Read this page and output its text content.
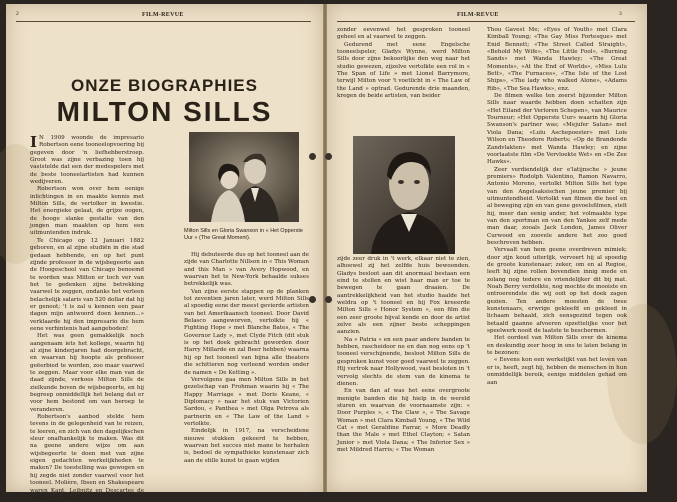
2	FILM-REVUE
ONZE BIOGRAPHIES
MILTON SILLS

I N 1909 woonde de impresario Robertson eene tooneelopvoering bij gegeven door 'n liefhebberstroep. Groot was zijne verbazing toen hij vaststelde dat een der medespelers met de beste tooneelartisten had kunnen wedijveren.

Robertson won over hem eenige inlichtingen in en maakte kennis met Milton Sills, de vertolker in kwestie. Het energieke gelaat, de grijze oogen, de hooge slanke gestalte van den jongen man maakten op hem een uitmuntenden indruk.

Te Chicago op 12 Januari 1882 geboren, en al zijne studiën in die stad gedaan hebbende, en op het punt zijnde professor in de wijsbegeerte aan de Hoogeschool van Chicago benoemd te worden was Milton er toch ver van het te gedenken zijne betrekking vaarwel te zeggen, ondanks het verleen belachelijk salaris van 520 dollar dat hij er genoot; 't is zal u kennen een paar dagen mijn antwoord doen kennen...» verklaarde hij den impresario die hem eene verbintenis had aangeboden!

Het was geen gemakkelijk noch aangenaam iets het kollege, waarin hij al zijne kinderjaren had doorgebracht, en waarvan hij hoopte als professor geëerbied te worden, zoo maar vaarwel te zeggen. Maar voor elke man van de daad zijnde, verkoos Milton Sills de zielkunde boven de wijsbegeerte, en hij begreep onmiddellijk het belang dat er voor hem bestond om van beroep te veranderen.

Robertson's aanbod stelde hem tevens in de gelegenheid van te reizen, te leeren, en zich van den dagelijkschen sleur onafhankelijk te maken. Was dit na geene andere wijze om aan wijsbegeerte te doen met van zijne eigen gedachten werkelijkheden te maken? De toestelling was gewogen en hij zegde niet zonder vaarwel voor het tooneel. Molière, Ibsen en Shakespeare waren Kant, Leibnitz en Descartes de baas geworden...

Milton Sills en Gloria Swanson in « Het Opperste Uur » (The Great Moment).

Hij debuteerde dus op het tooneel aan de zijde van Charlotte Nillson in « This Woman and this Man » van Avery Hopwood, en waarvan het te New-York behaalde sukses betrekkelijk was.

Van zijne eerste stappen op de planken tot zeventien jaren later, werd Milton Sills al spoedig eene der meest gevierde artisten van het Amerikaansch tooneel. Door David Belasco aangeworven, vertolkte hij « Fighting Hope » met Blanche Bates, « The Governor Lady », met Clyde Fitch (dit stuk is op het doek gebracht geworden door Harry Millarde en zal Beer hebben) waarna hij op het tooneel van bijna alle theaters die schitteren nog verleend worden onder de namen « De Ketting ».

Vervolgens gaa men Milton Sills in het gezelschap van Frohman waarin hij « The Happy Marriage » met Doris Keane, « Diplomacy » naar het stuk van Victorien Sardou, « Panthea » met Olga Petrova als partnerin en « The Law of the Land » vertolkte.

Eindelijk in 1917, na verscheidene nieuwe stukken gekeerd te hebben, waarvan het succes niet mane te herhalen is, bedoel de sympathieke kunstenaar zich aan de stille kunst te gaan wijden

FILM-REVUE	3

zonder eevenwel het gesproken tooneel geheel en al vaarwel te zeggen.

Gedurend met eene Engelsche tooneelspeler, Gladys Wynne, werd Milton Sills door zijne bekoorlijke den weg naar het studio gewezen, zijzelve vertolkte een rol in « The Span of Life » met Lionel Barrymore, terwijl Milton voor 't voetlicht in « The Law of the Land » optrad. Gedurende drie maanden, kregen de beide artisten, van beider

zijde zeer druk in 't werk, elkaar niet te zien, alhoewel zij het zelfde huis bewoonden. Gladys besloot aan dit anormaal bestaan een eind te stellen en wist haar man er toe te bewegen te gaan draaien. De aantrekkelijkheid van het studio haalde het weldra op 't tooneel en hij Fox kreeerde Milton Sills « Honor System », een film die een zeer groote bijval kende en door de artist zelve als een zijner beste scheppingen aanzien.

Na « Patria » en een paar andere banden te hebben, rascheidoor ne en dan nog eens op 't tooneel verschijnende, besloot Milton Sills de gesproken kunst voor goed vaarwel te zeggen. Hij vertrok naar Hollywood, vast besloten in 't vervolg slechts de stem van de kinema te dienen.

En van dan af was het eene overgroote menigte banden die hij hielp in de wereld sturen en waarvan de voornaamste zijn: « Door Purples », « The Claw », « The Savage Woman » met Clara Kimball Young, « The Wild Cat » met Geraldine Farrar, « More Deadly than the Male » met Ethel Clayton; « Satan Junior » met Viola Dana; « The Inferior Sex » met Mildred Harris; « The Woman

Thou Gavest Me; «Eyes of Youth» met Clara Kimball Young; «The Gay Miss Fortesque» met Enid Bennett; «The Street Called Straight», «Behold My Wife», «The Little Fool», «Burning Sands» met Wanda Hawley; «The Great Moments», «At the End of Worlds», «Miss Lulu Bett», «The Furnaces», «The Isle of the Lost Ships», «The lady who walked Alone», «Adams Rib», «The Sea Hawks», enz.

De filmen welke ten zeerst bijzonder Milton Sills naar waarde hebben doen schatten zijn «Het Eiland der Verloren Schepen», van Maurice Tourneur; «Het Opperste Uur» waarin hij Gloria Swanson's partner was; «Mejufer Satan» met Viola Dana; «Lulu Aschepoester» met Lois Wilson en Theodore Roberts; «Op de Brandende Zandvlakten» met Wanda Hawley; en zijne voorlaatste film «De Vervloekte Wet» en «De Zee Hawks».

Zeer verdiendelijk der e'latijnsche » jeune premiers» Rodolph Valentino, Ramon Navarro, Antonio Moreno, vertolkt Milton Sills het type van den Angelsaksischen jeune premier bij uitmuntendheid. Vertolkt van filmen die heel en al beweging zijn en van gene gevoelsfilmen, stelt hij, meer dan eenig ander, het volmaakte type van den sportman en van den Yankee zelf mede man daar, zooals Jack London, James Oliver Curwood en zoovele andere het zoo goed beschreven hebben.

Vervaalt van hem geene overdreven mimiek; door zijn koud uiterlijk, vervoert hij al spoedig de groote kunstenaar; zeker, om en al Regioe, leeft hij zijne rollen bovendien innig mede en zolang nog tedere en vriendelijker dit bij mat. Noah Berry verdolkte, nog mochte de mooiste en ontroerendste die wij ooit op het doek zagen gezien. Ten andere moesten de twee kunstenaars, erwrige gekleefd en gekleed in lichaam behaald, zich eensgezind tegen ook betaald gaanne afvoeren opzettelijke voor het speelwerk nooit de laatste te beschermen.

Het oordeel van Milton Sills over de kinema en deskundig zeer hoog in ons te laten belang in te bezonen:

« Eevens kon een werkelijkt van het leven van er is, heeft, zegt hij, hebben de menschen in hun onmiddellijk bereik, eenige middelen gehad om aan
